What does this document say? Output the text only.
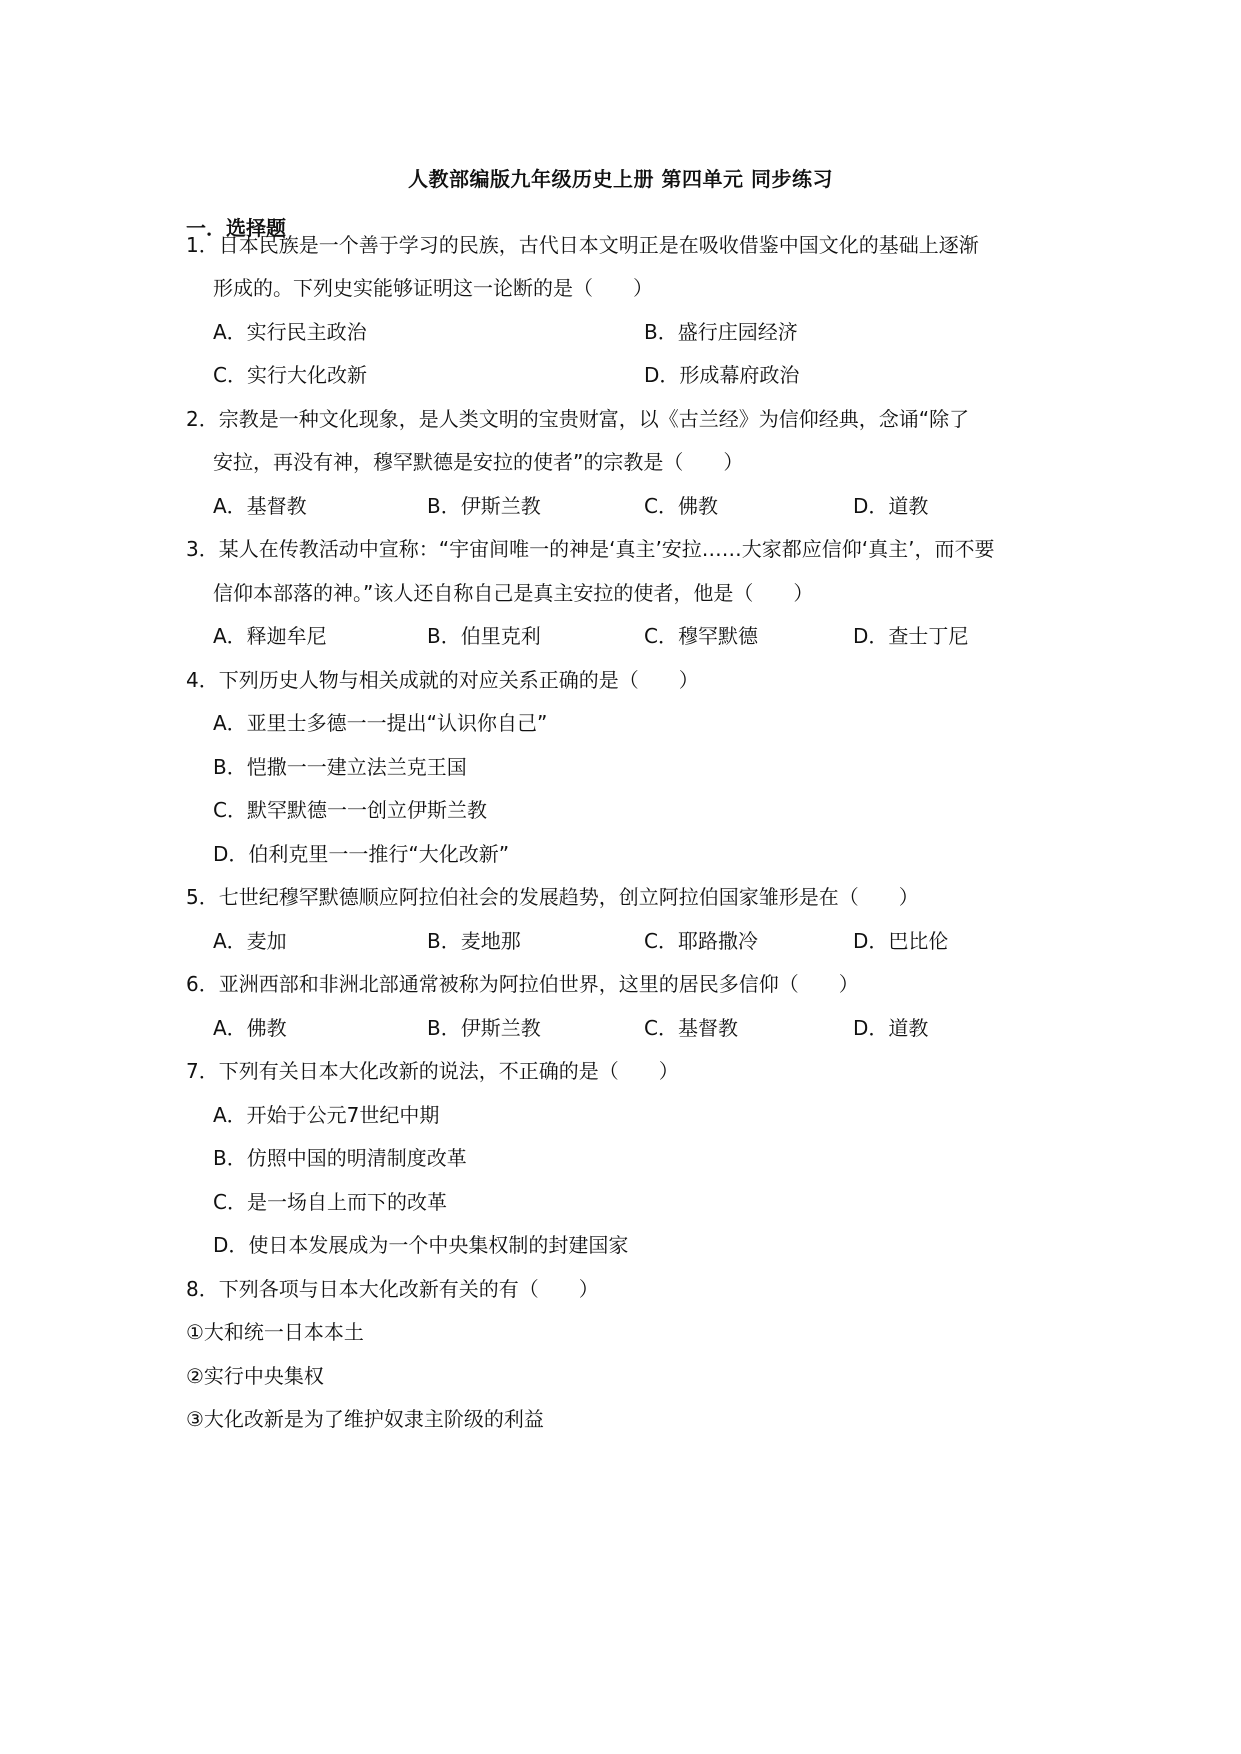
人教部编版九年级历史上册 第四单元 同步练习
一．选择题
1．日本民族是一个善于学习的民族，古代日本文明正是在吸收借鉴中国文化的基础上逐渐
形成的。下列史实能够证明这一论断的是（　　）
A．实行民主政治	B．盛行庄园经济
C．实行大化改新	D．形成幕府政治
2．宗教是一种文化现象，是人类文明的宝贵财富，以《古兰经》为信仰经典，念诵“除了
安拉，再没有神，穆罕默德是安拉的使者”的宗教是（　　）
A．基督教	B．伊斯兰教	C．佛教	D．道教
3．某人在传教活动中宣称：“宇宙间唯一的神是‘真主’安拉……大家都应信仰‘真主’，而不要
信仰本部落的神。”该人还自称自己是真主安拉的使者，他是（　　）
A．释迦牟尼	B．伯里克利	C．穆罕默德	D．查士丁尼
4．下列历史人物与相关成就的对应关系正确的是（　　）
A．亚里士多德一一提出“认识你自己”
B．恺撒一一建立法兰克王国
C．默罕默德一一创立伊斯兰教
D．伯利克里一一推行“大化改新”
5．七世纪穆罕默德顺应阿拉伯社会的发展趋势，创立阿拉伯国家雏形是在（　　）
A．麦加	B．麦地那	C．耶路撒冷	D．巴比伦
6．亚洲西部和非洲北部通常被称为阿拉伯世界，这里的居民多信仰（　　）
A．佛教	B．伊斯兰教	C．基督教	D．道教
7．下列有关日本大化改新的说法，不正确的是（　　）
A．开始于公元7世纪中期
B．仿照中国的明清制度改革
C．是一场自上而下的改革
D．使日本发展成为一个中央集权制的封建国家
8．下列各项与日本大化改新有关的有（　　）
①大和统一日本本土
②实行中央集权
③大化改新是为了维护奴隶主阶级的利益
